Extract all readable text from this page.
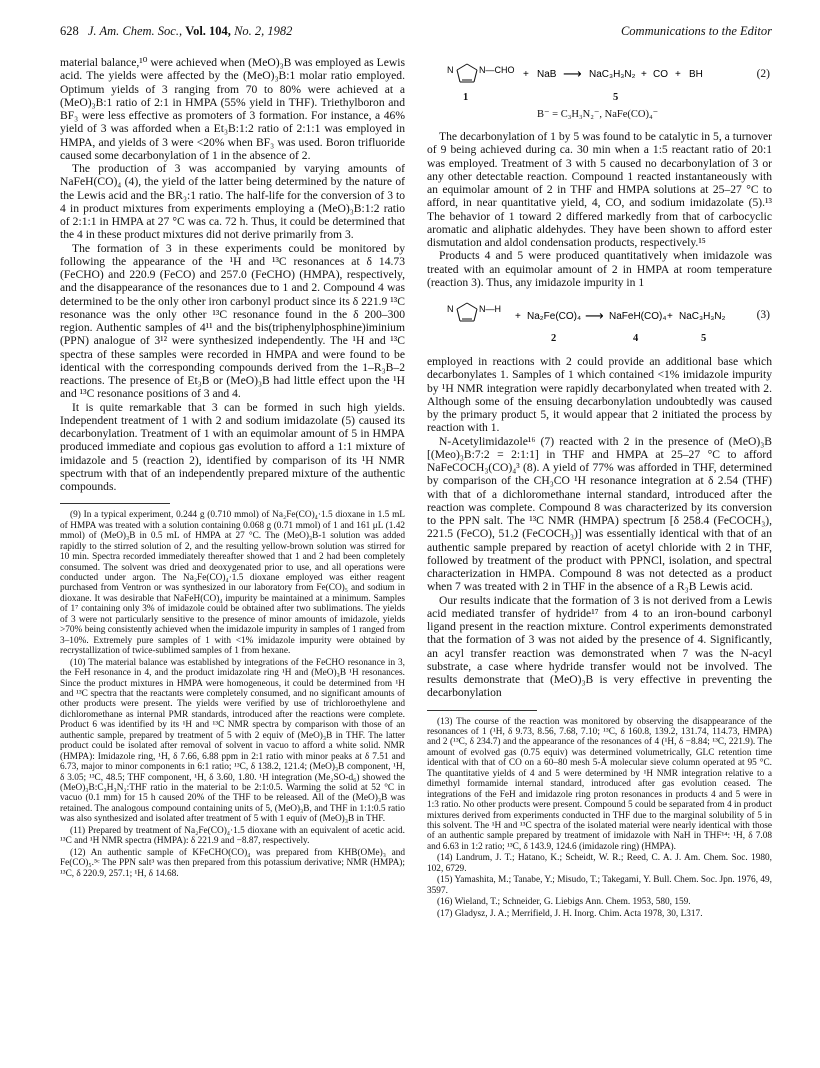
628 J. Am. Chem. Soc., Vol. 104, No. 2, 1982	Communications to the Editor

material balance,¹⁰ were achieved when (MeO)₃B was employed as Lewis acid. The yields were affected by the (MeO)₃B:1 molar ratio employed. Optimum yields of 3 ranging from 70 to 80% were achieved at a (MeO)₃B:1 ratio of 2:1 in HMPA (55% yield in THF). Triethylboron and BF₃ were less effective as promoters of 3 formation. For instance, a 46% yield of 3 was afforded when a Et₃B:1:2 ratio of 2:1:1 was employed in HMPA, and yields of 3 were <20% when BF₃ was used. Boron trifluoride caused some decarbonylation of 1 in the absence of 2.

The production of 3 was accompanied by varying amounts of NaFeH(CO)₄ (4), the yield of the latter being determined by the nature of the Lewis acid and the BR₃:1 ratio. The half-life for the conversion of 3 to 4 in product mixtures from experiments employing a (MeO)₃B:1:2 ratio of 2:1:1 in HMPA at 27 °C was ca. 72 h. Thus, it could be determined that the 4 in these product mixtures did not derive primarily from 3.

The formation of 3 in these experiments could be monitored by following the appearance of the ¹H and ¹³C resonances at δ 14.73 (FeCHO) and 220.9 (FeCO) and 257.0 (FeCHO) (HMPA), respectively, and the disappearance of the resonances due to 1 and 2. Compound 4 was determined to be the only other iron carbonyl product since its δ 221.9 ¹³C resonance was the only other ¹³C resonance found in the δ 200–300 region. Authentic samples of 4¹¹ and the bis(triphenylphosphine)iminium (PPN) analogue of 3¹² were synthesized independently. The ¹H and ¹³C spectra of these samples were recorded in HMPA and were found to be identical with the corresponding compounds derived from the 1–R₃B–2 reactions. The presence of Et₃B or (MeO)₃B had little effect upon the ¹H and ¹³C resonance positions of 3 and 4.

It is quite remarkable that 3 can be formed in such high yields. Independent treatment of 1 with 2 and sodium imidazolate (5) caused its decarbonylation. Treatment of 1 with an equimolar amount of 5 in HMPA produced immediate and copious gas evolution to afford a 1:1 mixture of imidazole and 5 (reaction 2), identified by comparison of its ¹H NMR spectrum with that of an independently prepared mixture of the authentic compounds.

(9) In a typical experiment, 0.244 g (0.710 mmol) of Na₂Fe(CO)₄·1.5 dioxane in 1.5 mL of HMPA was treated with a solution containing 0.068 g (0.71 mmol) of 1 and 161 μL (1.42 mmol) of (MeO)₃B in 0.5 mL of HMPA at 27 °C. The (MeO)₃B-1 solution was added rapidly to the stirred solution of 2, and the resulting yellow-brown solution was stirred for 10 min. Spectra recorded immediately thereafter showed that 1 and 2 had been completely consumed. The solvent was dried and deoxygenated prior to use, and all operations were conducted under argon. The Na₂Fe(CO)₄·1.5 dioxane employed was either reagent purchased from Ventron or was synthesized in our laboratory from Fe(CO)₅ and sodium in dioxane. It was desirable that NaFeH(CO)₄ impurity be maintained at a minimum. Samples of 1⁷ containing only 3% of imidazole could be obtained after two sublimations. The yields of 3 were not particularly sensitive to the presence of minor amounts of imidazole, yields >70% being consistently achieved when the imidazole impurity in samples of 1 ranged from 3–10%. Extremely pure samples of 1 with <1% imidazole impurity were obtained by recrystallization of twice-sublimed samples of 1 from hexane.

(10) The material balance was established by integrations of the FeCHO resonance in 3, the FeH resonance in 4, and the product imidazolate ring ¹H and (MeO)₃B ¹H resonances. Since the product mixtures in HMPA were homogeneous, it could be determined from ¹H and ¹³C spectra that the reactants were completely consumed, and no significant amounts of other products were present. The yields were verified by use of trichloroethylene and dichloromethane as internal PMR standards, introduced after the reactions were complete. Product 6 was identified by its ¹H and ¹³C NMR spectra by comparison with those of an authentic sample, prepared by treatment of 5 with 2 equiv of (MeO)₃B in THF. The latter product could be isolated after removal of solvent in vacuo to afford a white solid. NMR (HMPA): Imidazole ring, ¹H, δ 7.66, 6.88 ppm in 2:1 ratio with minor peaks at δ 7.51 and 6.73, major to minor components in 6:1 ratio; ¹³C, δ 138.2, 121.4; (MeO)₃B component, ¹H, δ 3.05; ¹³C, 48.5; THF component, ¹H, δ 3.60, 1.80. ¹H integration (Me₂SO-d₆) showed the (MeO)₃B:C₃H₃N₂:THF ratio in the material to be 2:1:0.5. Warming the solid at 52 °C in vacuo (0.1 mm) for 15 h caused 20% of the THF to be released. All of the (MeO)₃B was retained. The analogous compound containing units of 5, (MeO)₃B, and THF in 1:1:0.5 ratio was also synthesized and isolated after treatment of 5 with 1 equiv of (MeO)₃B in THF.

(11) Prepared by treatment of Na₂Fe(CO)₄·1.5 dioxane with an equivalent of acetic acid. ¹³C and ¹H NMR spectra (HMPA): δ 221.9 and −8.87, respectively.

(12) An authentic sample of KFeCHO(CO)₄ was prepared from KHB(OMe)₃ and Fe(CO)₅.⁵ᶜ The PPN salt³ was then prepared from this potassium derivative; NMR (HMPA); ¹³C, δ 220.9, 257.1; ¹H, δ 14.68.

N	N—CHO + NaB ⟶ NaC₃H₃N₂ + CO + BH	(2)
1	5
B⁻ = C₃H₃N₂⁻, NaFe(CO)₄⁻

The decarbonylation of 1 by 5 was found to be catalytic in 5, a turnover of 9 being achieved during ca. 30 min when a 1:5 reactant ratio of 20:1 was employed. Treatment of 3 with 5 caused no decarbonylation of 3 or any other detectable reaction. Compound 1 reacted instantaneously with an equimolar amount of 2 in THF and HMPA solutions at 25–27 °C to afford, in near quantitative yield, 4, CO, and sodium imidazolate (5).¹³ The behavior of 1 toward 2 differed markedly from that of carbocyclic aromatic and aliphatic aldehydes. They have been shown to afford ester dismutation and aldol condensation products, respectively.¹⁵

Products 4 and 5 were produced quantitatively when imidazole was treated with an equimolar amount of 2 in HMPA at room temperature (reaction 3). Thus, any imidazole impurity in 1

N	N—H
+ Na₂Fe(CO)₄ ⟶ NaFeH(CO)₄ + NaC₃H₃N₂	(3)
2	4	5

employed in reactions with 2 could provide an additional base which decarbonylates 1. Samples of 1 which contained <1% imidazole impurity by ¹H NMR integration were rapidly decarbonylated when treated with 2. Although some of the ensuing decarbonylation undoubtedly was caused by the primary product 5, it would appear that 2 initiated the process by reaction with 1.

N-Acetylimidazole¹⁶ (7) reacted with 2 in the presence of (MeO)₃B [(Meo)₃B:7:2 = 2:1:1] in THF and HMPA at 25–27 °C to afford NaFeCOCH₃(CO)₄³ (8). A yield of 77% was afforded in THF, determined by comparison of the CH₃CO ¹H resonance integration at δ 2.54 (THF) with that of a dichloromethane internal standard, introduced after the reaction was complete. Compound 8 was characterized by its conversion to the PPN salt. The ¹³C NMR (HMPA) spectrum [δ 258.4 (FeCOCH₃), 221.5 (FeCO), 51.2 (FeCOCH₃)] was essentially identical with that of an authentic sample prepared by reaction of acetyl chloride with 2 in THF, followed by treatment of the product with PPNCl, isolation, and spectral characterization in HMPA. Compound 8 was not detected as a product when 7 was treated with 2 in THF in the absence of a R₃B Lewis acid.

Our results indicate that the formation of 3 is not derived from a Lewis acid mediated transfer of hydride¹⁷ from 4 to an iron-bound carbonyl ligand present in the reaction mixture. Control experiments demonstrated that the formation of 3 was not aided by the presence of 4. Significantly, an acyl transfer reaction was demonstrated when 7 was the N-acyl substrate, a case where hydride transfer would not be involved. The results demonstrate that (MeO)₃B is very effective in preventing the decarbonylation

(13) The course of the reaction was monitored by observing the disappearance of the resonances of 1 (¹H, δ 9.73, 8.56, 7.68, 7.10; ¹³C, δ 160.8, 139.2, 131.74, 114.73, HMPA) and 2 (¹³C, δ 234.7) and the appearance of the resonances of 4 (¹H, δ −8.84; ¹³C, 221.9). The amount of evolved gas (0.75 equiv) was determined volumetrically, GLC retention time identical with that of CO on a 60–80 mesh 5-Å molecular sieve column operated at 95 °C. The quantitative yields of 4 and 5 were determined by ¹H NMR integration relative to a dimethyl formamide internal standard, introduced after gas evolution ceased. The integrations of the FeH and imidazole ring proton resonances in products 4 and 5 were in 1:3 ratio. No other products were present. Compound 5 could be separated from 4 in product mixtures derived from experiments conducted in THF due to the marginal solubility of 5 in this solvent. The ¹H and ¹³C spectra of the isolated material were nearly identical with those of an authentic sample prepared by treatment of imidazole with NaH in THF¹⁴: ¹H, δ 7.08 and 6.63 in 1:2 ratio; ¹³C, δ 143.9, 124.6 (imidazole ring) (HMPA).

(14) Landrum, J. T.; Hatano, K.; Scheidt, W. R.; Reed, C. A. J. Am. Chem. Soc. 1980, 102, 6729.

(15) Yamashita, M.; Tanabe, Y.; Misudo, T.; Takegami, Y. Bull. Chem. Soc. Jpn. 1976, 49, 3597.

(16) Wieland, T.; Schneider, G. Liebigs Ann. Chem. 1953, 580, 159.

(17) Gladysz, J. A.; Merrifield, J. H. Inorg. Chim. Acta 1978, 30, L317.
